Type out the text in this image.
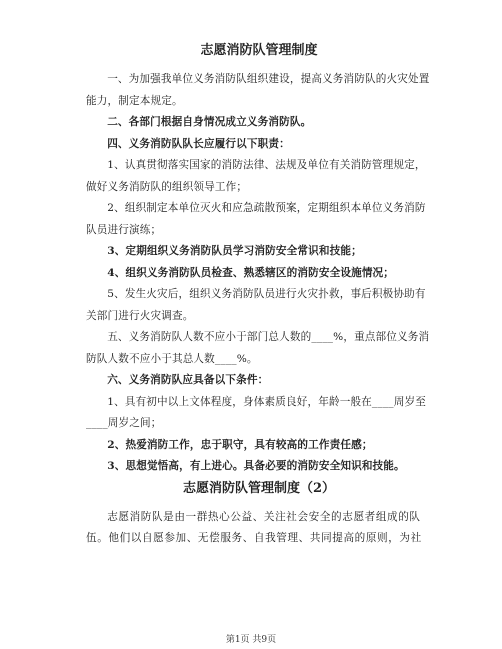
志愿消防队管理制度

一、为加强我单位义务消防队组织建设，提高义务消防队的火灾处置能力，制定本规定。

二、各部门根据自身情况成立义务消防队。

四、义务消防队队长应履行以下职责：

1、认真贯彻落实国家的消防法律、法规及单位有关消防管理规定，做好义务消防队的组织领导工作；

2、组织制定本单位灭火和应急疏散预案，定期组织本单位义务消防队员进行演练；

3、定期组织义务消防队员学习消防安全常识和技能；

4、组织义务消防队员检查、熟悉辖区的消防安全设施情况；

5、发生火灾后，组织义务消防队员进行火灾扑救，事后积极协助有关部门进行火灾调查。

五、义务消防队人数不应小于部门总人数的____%，重点部位义务消防队人数不应小于其总人数____%。

六、义务消防队应具备以下条件：

1、具有初中以上文体程度，身体素质良好，年龄一般在____周岁至____周岁之间；

2、热爱消防工作，忠于职守，具有较高的工作责任感；

3、思想觉悟高，有上进心。具备必要的消防安全知识和技能。

志愿消防队管理制度（2）

志愿消防队是由一群热心公益、关注社会安全的志愿者组成的队伍。他们以自愿参加、无偿服务、自我管理、共同提高的原则，为社

第1页 共9页
